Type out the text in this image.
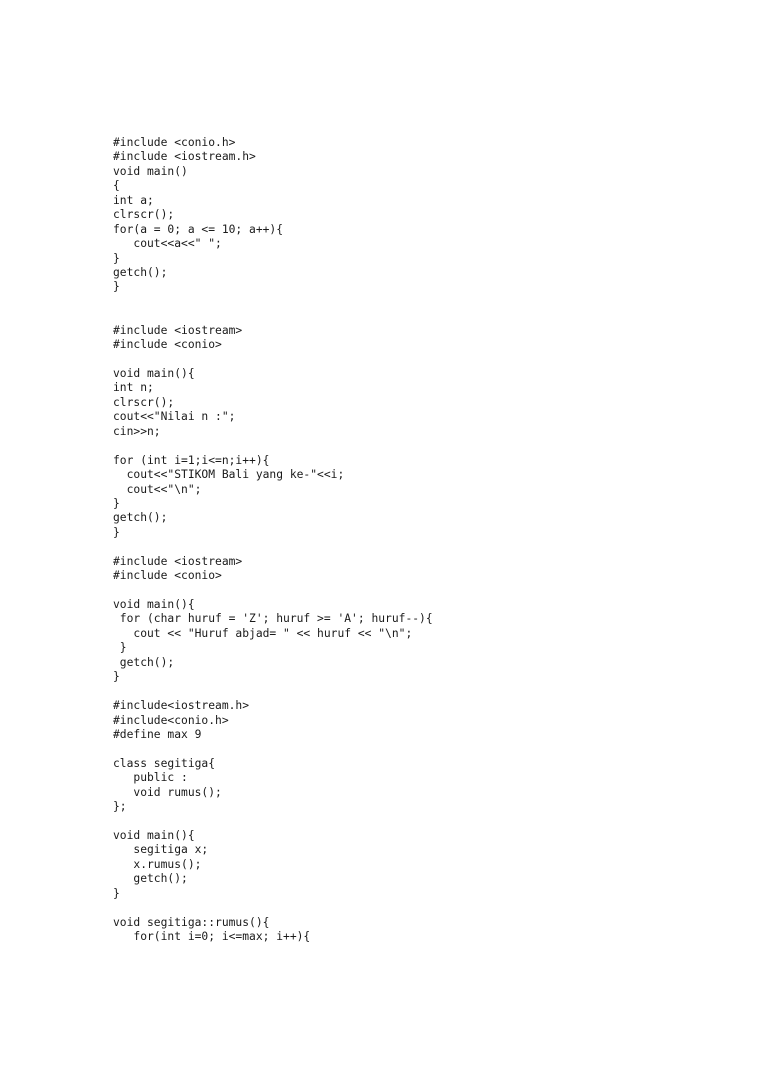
#include <conio.h>
#include <iostream.h>
void main()
{
int a;
clrscr();
for(a = 0; a <= 10; a++){
cout<<a<<" ";
}
getch();
}
#include <iostream>
#include <conio>
void main(){
int n;
clrscr();
cout<<"Nilai n :";
cin>>n;
for (int i=1;i<=n;i++){
cout<<"STIKOM Bali yang ke-"<<i;
cout<<"\n";
}
getch();
}
#include <iostream>
#include <conio>
void main(){
for (char huruf = 'Z'; huruf >= 'A'; huruf--){
cout << "Huruf abjad= " << huruf << "\n";
}
getch();
}
#include<iostream.h>
#include<conio.h>
#define max 9
class segitiga{
public :
void rumus();
};
void main(){
segitiga x;
x.rumus();
getch();
}
void segitiga::rumus(){
for(int i=0; i<=max; i++){
